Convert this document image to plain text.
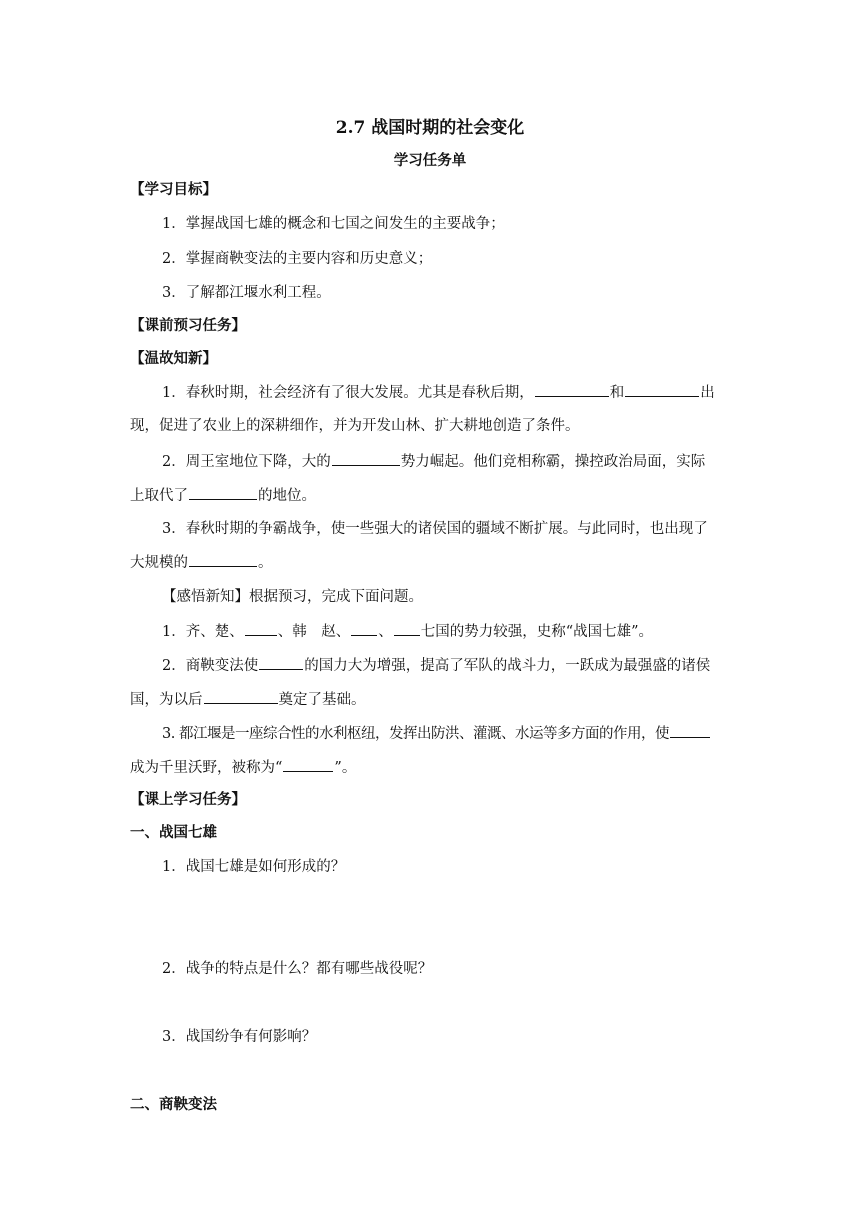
2.7 战国时期的社会变化
学习任务单
【学习目标】
1．掌握战国七雄的概念和七国之间发生的主要战争；
2．掌握商鞅变法的主要内容和历史意义；
3．了解都江堰水利工程。
【课前预习任务】
【温故知新】
1．春秋时期，社会经济有了很大发展。尤其是春秋后期，	和	出
现，促进了农业上的深耕细作，并为开发山林、扩大耕地创造了条件。
2．周王室地位下降，大的	势力崛起。他们竞相称霸，操控政治局面，实际
上取代了	的地位。
3．春秋时期的争霸战争，使一些强大的诸侯国的疆域不断扩展。与此同时，也出现了
大规模的	。
【感悟新知】根据预习，完成下面问题。
1．齐、楚、 、韩　赵、 、 七国的势力较强，史称“战国七雄”。
2．商鞅变法使	的国力大为增强，提高了军队的战斗力，一跃成为最强盛的诸侯
国，为以后	奠定了基础。
3. 都江堰是一座综合性的水利枢纽，发挥出防洪、灌溉、水运等多方面的作用，使
成为千里沃野，被称为“	”。
【课上学习任务】
一、战国七雄
1．战国七雄是如何形成的？
2．战争的特点是什么？都有哪些战役呢？
3．战国纷争有何影响？
二、商鞅变法
